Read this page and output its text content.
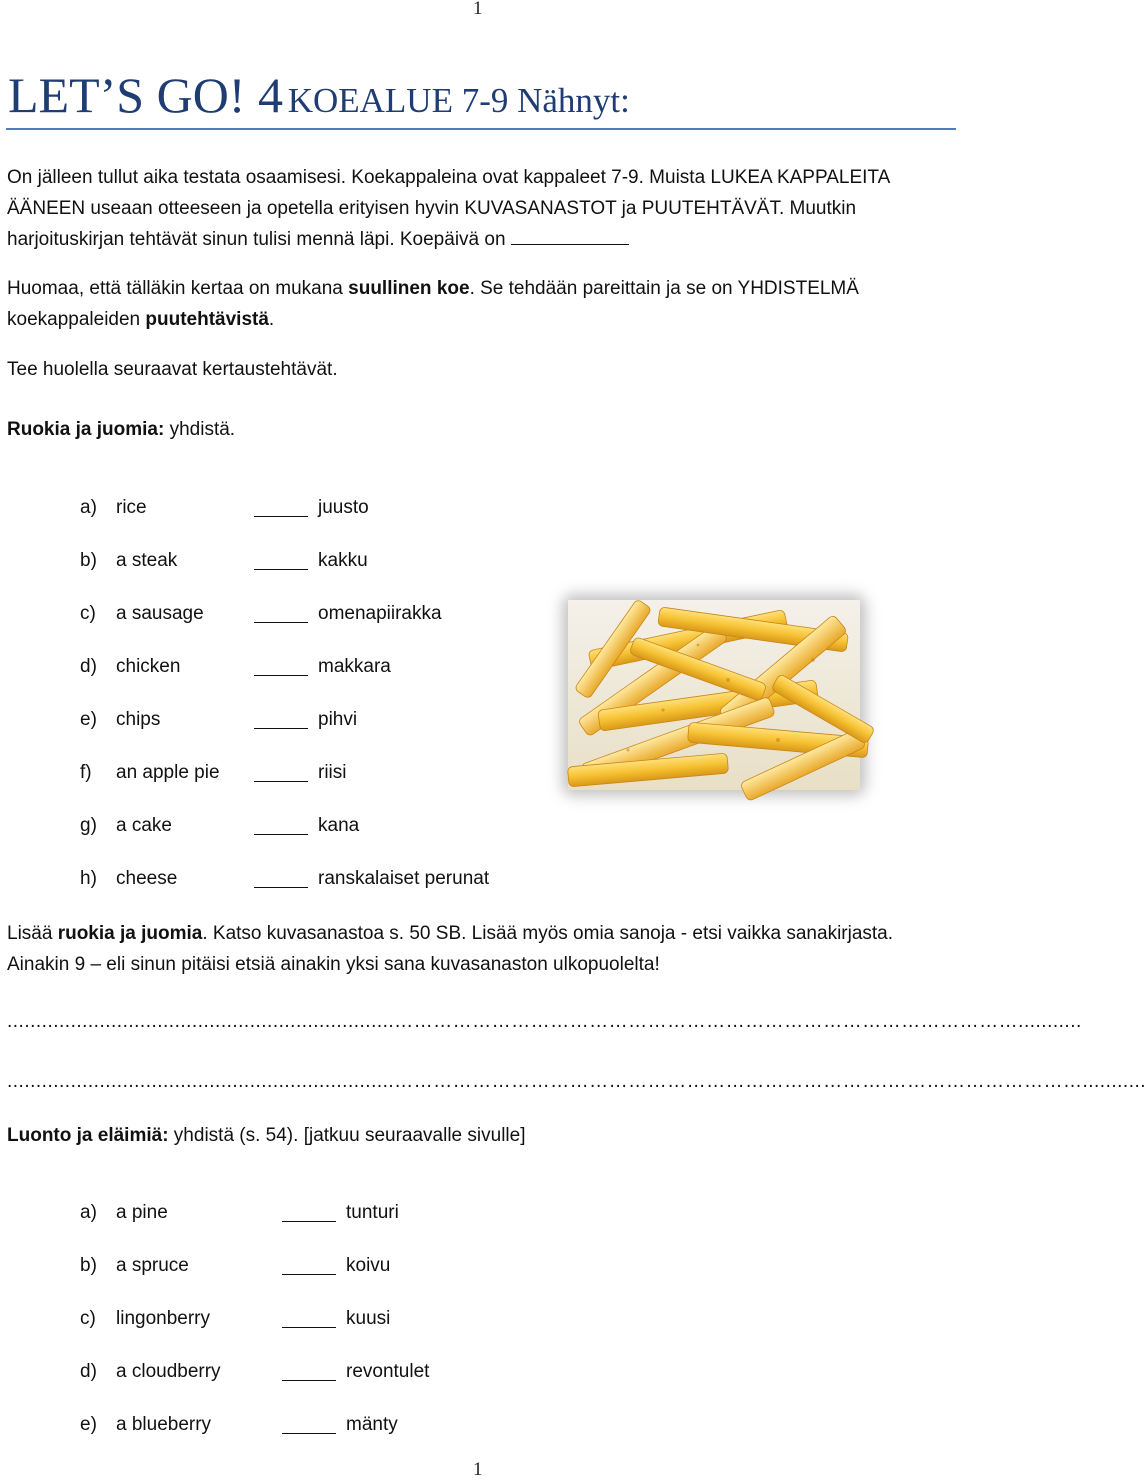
1
LET’S GO! 4 KOEALUE 7-9 Nähnyt:
On jälleen tullut aika testata osaamisesi. Koekappaleina ovat kappaleet 7-9. Muista LUKEA KAPPALEITA
ÄÄNEEN useaan otteeseen ja opetella erityisen hyvin KUVASANASTOT ja PUUTEHTÄVÄT. Muutkin
harjoituskirjan tehtävät sinun tulisi mennä läpi. Koepäivä on
Huomaa, että tälläkin kertaa on mukana suullinen koe. Se tehdään pareittain ja se on YHDISTELMÄ
koekappaleiden puutehtävistä.
Tee huolella seuraavat kertaustehtävät.
Ruokia ja juomia: yhdistä.
a) rice	juusto
b) a steak	kakku
c) a sausage	omenapiirakka
d) chicken	makkara
e) chips	pihvi
f) an apple pie	riisi
g) a cake	kana
h) cheese	ranskalaiset perunat
Lisää ruokia ja juomia. Katso kuvasanastoa s. 50 SB. Lisää myös omia sanoja - etsi vaikka sanakirjasta.
Ainakin 9 – eli sinun pitäisi etsiä ainakin yksi sana kuvasanaston ulkopuolelta!
...................................................................……………………………………………………………………………………...........
...................................................................………………………………………………………………….…………………………...........
Luonto ja eläimiä: yhdistä (s. 54). [jatkuu seuraavalle sivulle]
a) a pine	tunturi
b) a spruce	koivu
c) lingonberry	kuusi
d) a cloudberry	revontulet
e) a blueberry	mänty
1
